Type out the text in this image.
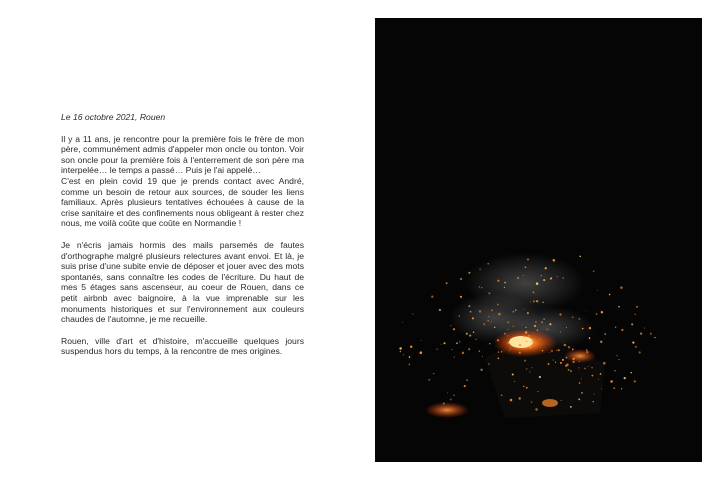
Le 16 octobre 2021, Rouen

Il y a 11 ans, je rencontre pour la première fois le frère de mon père, communément admis d'appeler mon oncle ou tonton. Voir son oncle pour la première fois à l'enterrement de son père ma interpelée… le temps a passé… Puis je l'ai appelé…

C'est en plein covid 19 que je prends contact avec André, comme un besoin de retour aux sources, de souder les liens familiaux. Après plusieurs tentatives échouées à cause de la crise sanitaire et des confinements nous obligeant à rester chez nous, me voilà coûte que coûte en Normandie !

Je n'écris jamais hormis des mails parsemés de fautes d'orthographe malgré plusieurs relectures avant envoi. Et là, je suis prise d'une subite envie de déposer et jouer avec des mots spontanés, sans connaître les codes de l'écriture. Du haut de mes 5 étages sans ascenseur, au coeur de Rouen, dans ce petit airbnb avec baignoire, à la vue imprenable sur les monuments historiques et sur l'environnement aux couleurs chaudes de l'automne, je me recueille.

Rouen, ville d'art et d'histoire, m'accueille quelques jours suspendus hors du temps, à la rencontre de mes origines.
